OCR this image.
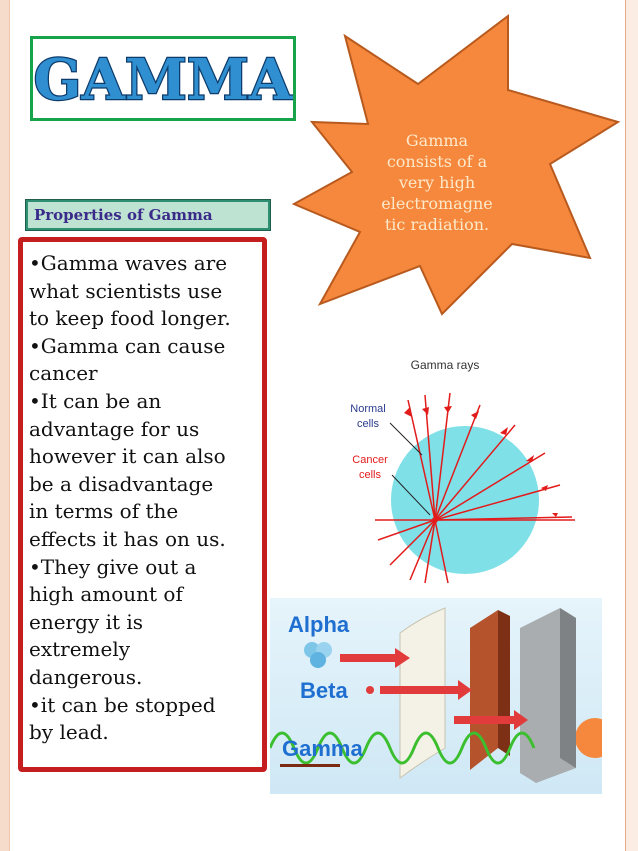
GAMMA
Properties of Gamma
•Gamma waves are
what scientists use
to keep food longer.
•Gamma can cause
cancer
•It can be an
advantage for us
however it can also
be a disadvantage
in terms of the
effects it has on us.
•They give out a
high amount of
energy it is
extremely
dangerous.
•it can be stopped
by lead.
Gamma
consists of a
very high
electromagne
tic radiation.
Gamma rays
Normal
cells
Cancer
cells
Alpha
Beta
Gamma
